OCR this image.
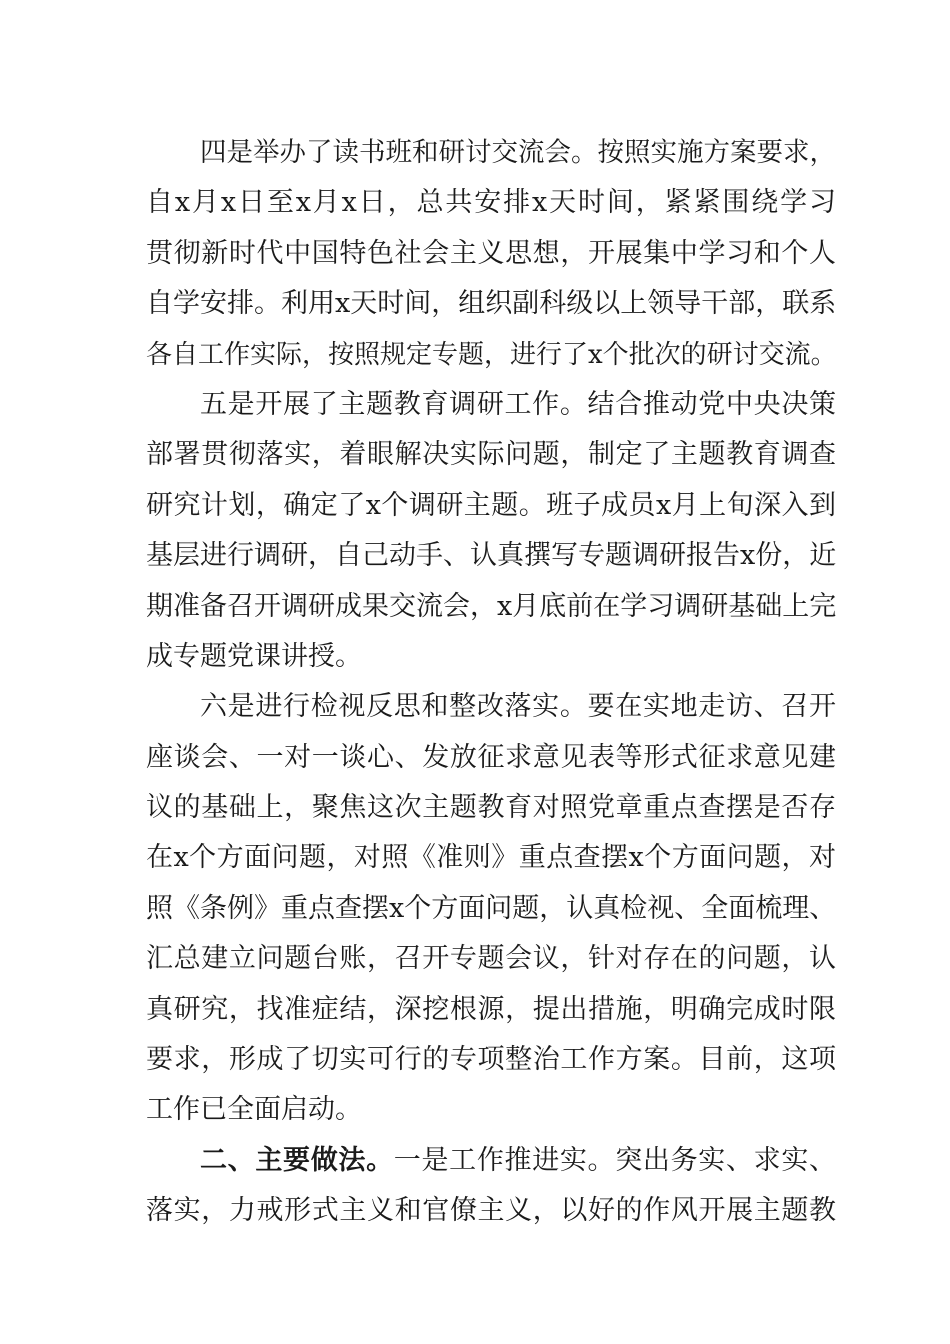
四是举办了读书班和研讨交流会。按照实施方案要求，
自x月x日至x月x日，总共安排x天时间，紧紧围绕学习
贯彻新时代中国特色社会主义思想，开展集中学习和个人
自学安排。利用x天时间，组织副科级以上领导干部，联系
各自工作实际，按照规定专题，进行了x个批次的研讨交流。
五是开展了主题教育调研工作。结合推动党中央决策
部署贯彻落实，着眼解决实际问题，制定了主题教育调查
研究计划，确定了x个调研主题。班子成员x月上旬深入到
基层进行调研，自己动手、认真撰写专题调研报告x份，近
期准备召开调研成果交流会，x月底前在学习调研基础上完
成专题党课讲授。
六是进行检视反思和整改落实。要在实地走访、召开
座谈会、一对一谈心、发放征求意见表等形式征求意见建
议的基础上，聚焦这次主题教育对照党章重点查摆是否存
在x个方面问题，对照《准则》重点查摆x个方面问题，对
照《条例》重点查摆x个方面问题，认真检视、全面梳理、
汇总建立问题台账，召开专题会议，针对存在的问题，认
真研究，找准症结，深挖根源，提出措施，明确完成时限
要求，形成了切实可行的专项整治工作方案。目前，这项
工作已全面启动。
二、主要做法。一是工作推进实。突出务实、求实、
落实，力戒形式主义和官僚主义，以好的作风开展主题教
